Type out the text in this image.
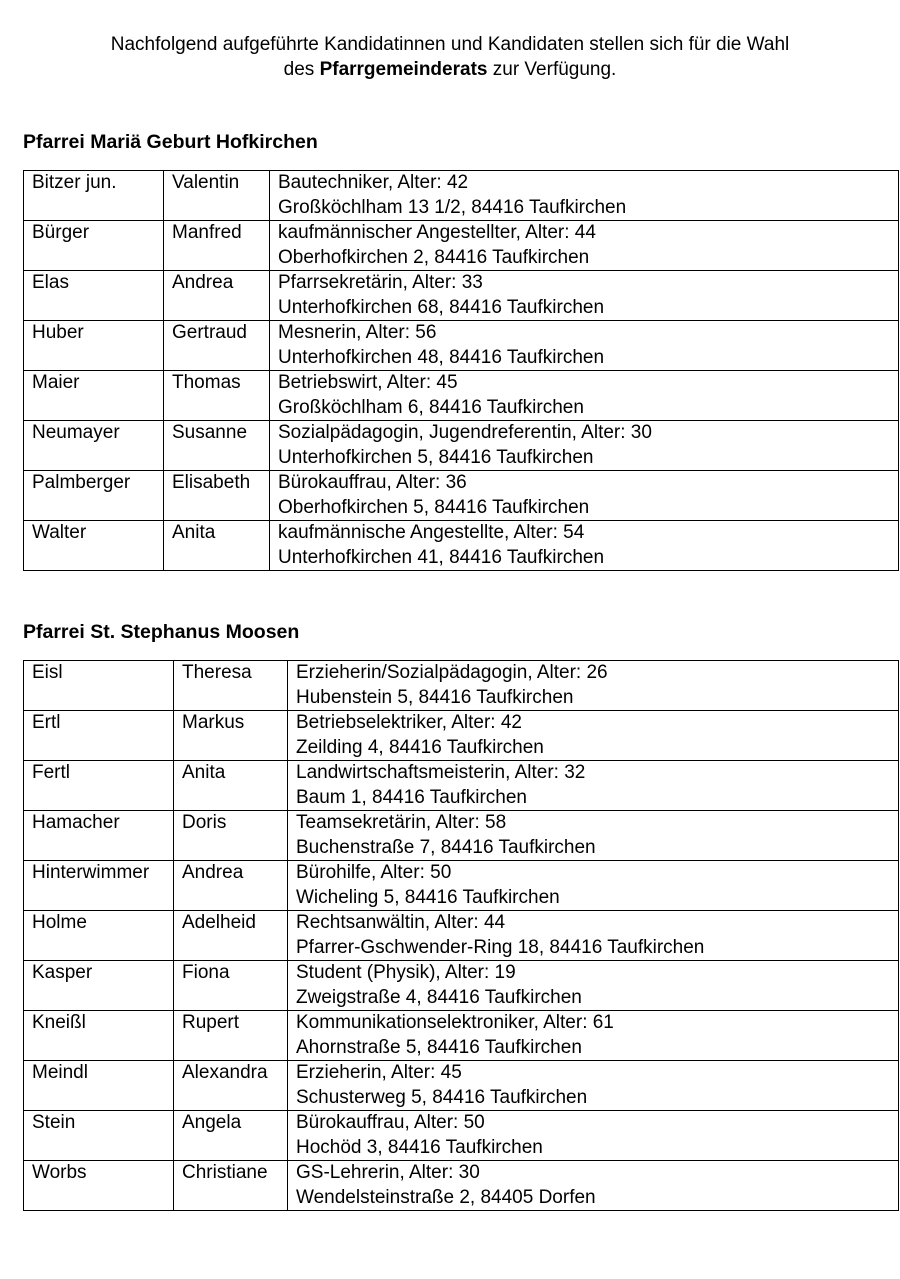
Nachfolgend aufgeführte Kandidatinnen und Kandidaten stellen sich für die Wahl
des Pfarrgemeinderats zur Verfügung.
Pfarrei Mariä Geburt Hofkirchen
Bitzer jun.	Valentin	Bautechniker, Alter: 42
Großköchlham 13 1/2, 84416 Taufkirchen

Bürger	Manfred	kaufmännischer Angestellter, Alter: 44
Oberhofkirchen 2, 84416 Taufkirchen

Elas	Andrea	Pfarrsekretärin, Alter: 33
Unterhofkirchen 68, 84416 Taufkirchen

Huber	Gertraud	Mesnerin, Alter: 56
Unterhofkirchen 48, 84416 Taufkirchen

Maier	Thomas	Betriebswirt, Alter: 45
Großköchlham 6, 84416 Taufkirchen

Neumayer	Susanne	Sozialpädagogin, Jugendreferentin, Alter: 30
Unterhofkirchen 5, 84416 Taufkirchen

Palmberger	Elisabeth	Bürokauffrau, Alter: 36
Oberhofkirchen 5, 84416 Taufkirchen

Walter	Anita	kaufmännische Angestellte, Alter: 54
Unterhofkirchen 41, 84416 Taufkirchen
Pfarrei St. Stephanus Moosen
Eisl	Theresa	Erzieherin/Sozialpädagogin, Alter: 26
Hubenstein 5, 84416 Taufkirchen

Ertl	Markus	Betriebselektriker, Alter: 42
Zeilding 4, 84416 Taufkirchen

Fertl	Anita	Landwirtschaftsmeisterin, Alter: 32
Baum 1, 84416 Taufkirchen

Hamacher	Doris	Teamsekretärin, Alter: 58
Buchenstraße 7, 84416 Taufkirchen

Hinterwimmer	Andrea	Bürohilfe, Alter: 50
Wicheling 5, 84416 Taufkirchen

Holme	Adelheid	Rechtsanwältin, Alter: 44
Pfarrer-Gschwender-Ring 18, 84416 Taufkirchen

Kasper	Fiona	Student (Physik), Alter: 19
Zweigstraße 4, 84416 Taufkirchen

Kneißl	Rupert	Kommunikationselektroniker, Alter: 61
Ahornstraße 5, 84416 Taufkirchen

Meindl	Alexandra	Erzieherin, Alter: 45
Schusterweg 5, 84416 Taufkirchen

Stein	Angela	Bürokauffrau, Alter: 50
Hochöd 3, 84416 Taufkirchen

Worbs	Christiane	GS-Lehrerin, Alter: 30
Wendelsteinstraße 2, 84405 Dorfen
